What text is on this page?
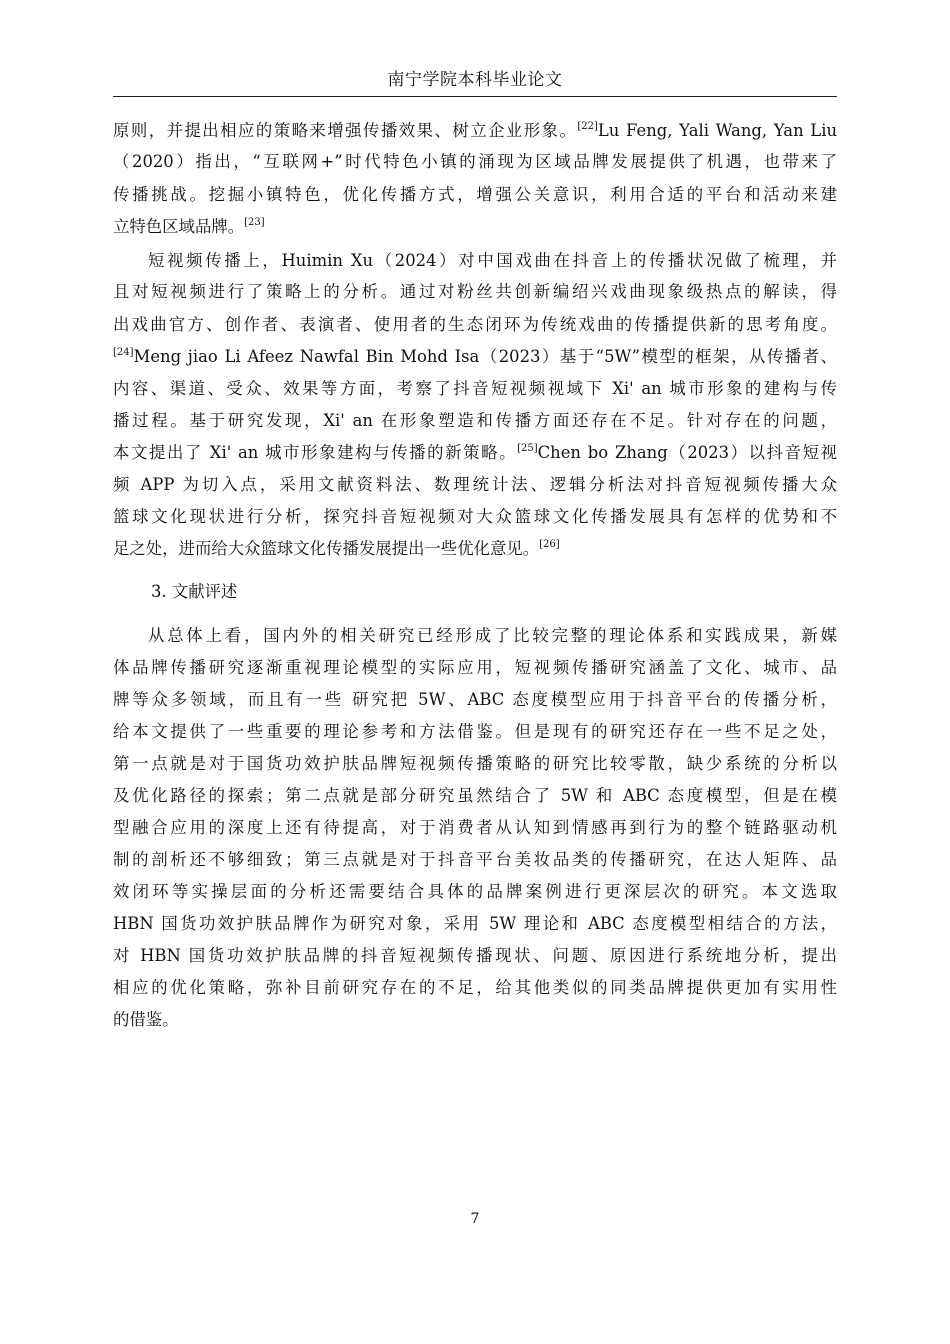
南宁学院本科毕业论文
原则，并提出相应的策略来增强传播效果、树立企业形象。[22]Lu Feng, Yali Wang, Yan Liu
（2020）指出，“互联网+”时代特色小镇的涌现为区域品牌发展提供了机遇，也带来了
传播挑战。挖掘小镇特色，优化传播方式，增强公关意识，利用合适的平台和活动来建
立特色区域品牌。[23]
短视频传播上，Huimin Xu（2024）对中国戏曲在抖音上的传播状况做了梳理，并
且对短视频进行了策略上的分析。通过对粉丝共创新编绍兴戏曲现象级热点的解读，得
出戏曲官方、创作者、表演者、使用者的生态闭环为传统戏曲的传播提供新的思考角度。
[24]Meng jiao Li Afeez Nawfal Bin Mohd Isa（2023）基于“5W”模型的框架，从传播者、
内容、渠道、受众、效果等方面，考察了抖音短视频视域下 Xi' an 城市形象的建构与传
播过程。基于研究发现，Xi' an 在形象塑造和传播方面还存在不足。针对存在的问题，
本文提出了 Xi' an 城市形象建构与传播的新策略。[25]Chen bo Zhang（2023）以抖音短视
频 APP 为切入点，采用文献资料法、数理统计法、逻辑分析法对抖音短视频传播大众
篮球文化现状进行分析，探究抖音短视频对大众篮球文化传播发展具有怎样的优势和不
足之处，进而给大众篮球文化传播发展提出一些优化意见。[26]
3. 文献评述
从总体上看，国内外的相关研究已经形成了比较完整的理论体系和实践成果，新媒
体品牌传播研究逐渐重视理论模型的实际应用，短视频传播研究涵盖了文化、城市、品
牌等众多领域，而且有一些 研究把 5W、ABC 态度模型应用于抖音平台的传播分析，
给本文提供了一些重要的理论参考和方法借鉴。但是现有的研究还存在一些不足之处，
第一点就是对于国货功效护肤品牌短视频传播策略的研究比较零散，缺少系统的分析以
及优化路径的探索；第二点就是部分研究虽然结合了 5W 和 ABC 态度模型，但是在模
型融合应用的深度上还有待提高，对于消费者从认知到情感再到行为的整个链路驱动机
制的剖析还不够细致；第三点就是对于抖音平台美妆品类的传播研究，在达人矩阵、品
效闭环等实操层面的分析还需要结合具体的品牌案例进行更深层次的研究。本文选取
HBN 国货功效护肤品牌作为研究对象，采用 5W 理论和 ABC 态度模型相结合的方法，
对 HBN 国货功效护肤品牌的抖音短视频传播现状、问题、原因进行系统地分析，提出
相应的优化策略，弥补目前研究存在的不足，给其他类似的同类品牌提供更加有实用性
的借鉴。
7
